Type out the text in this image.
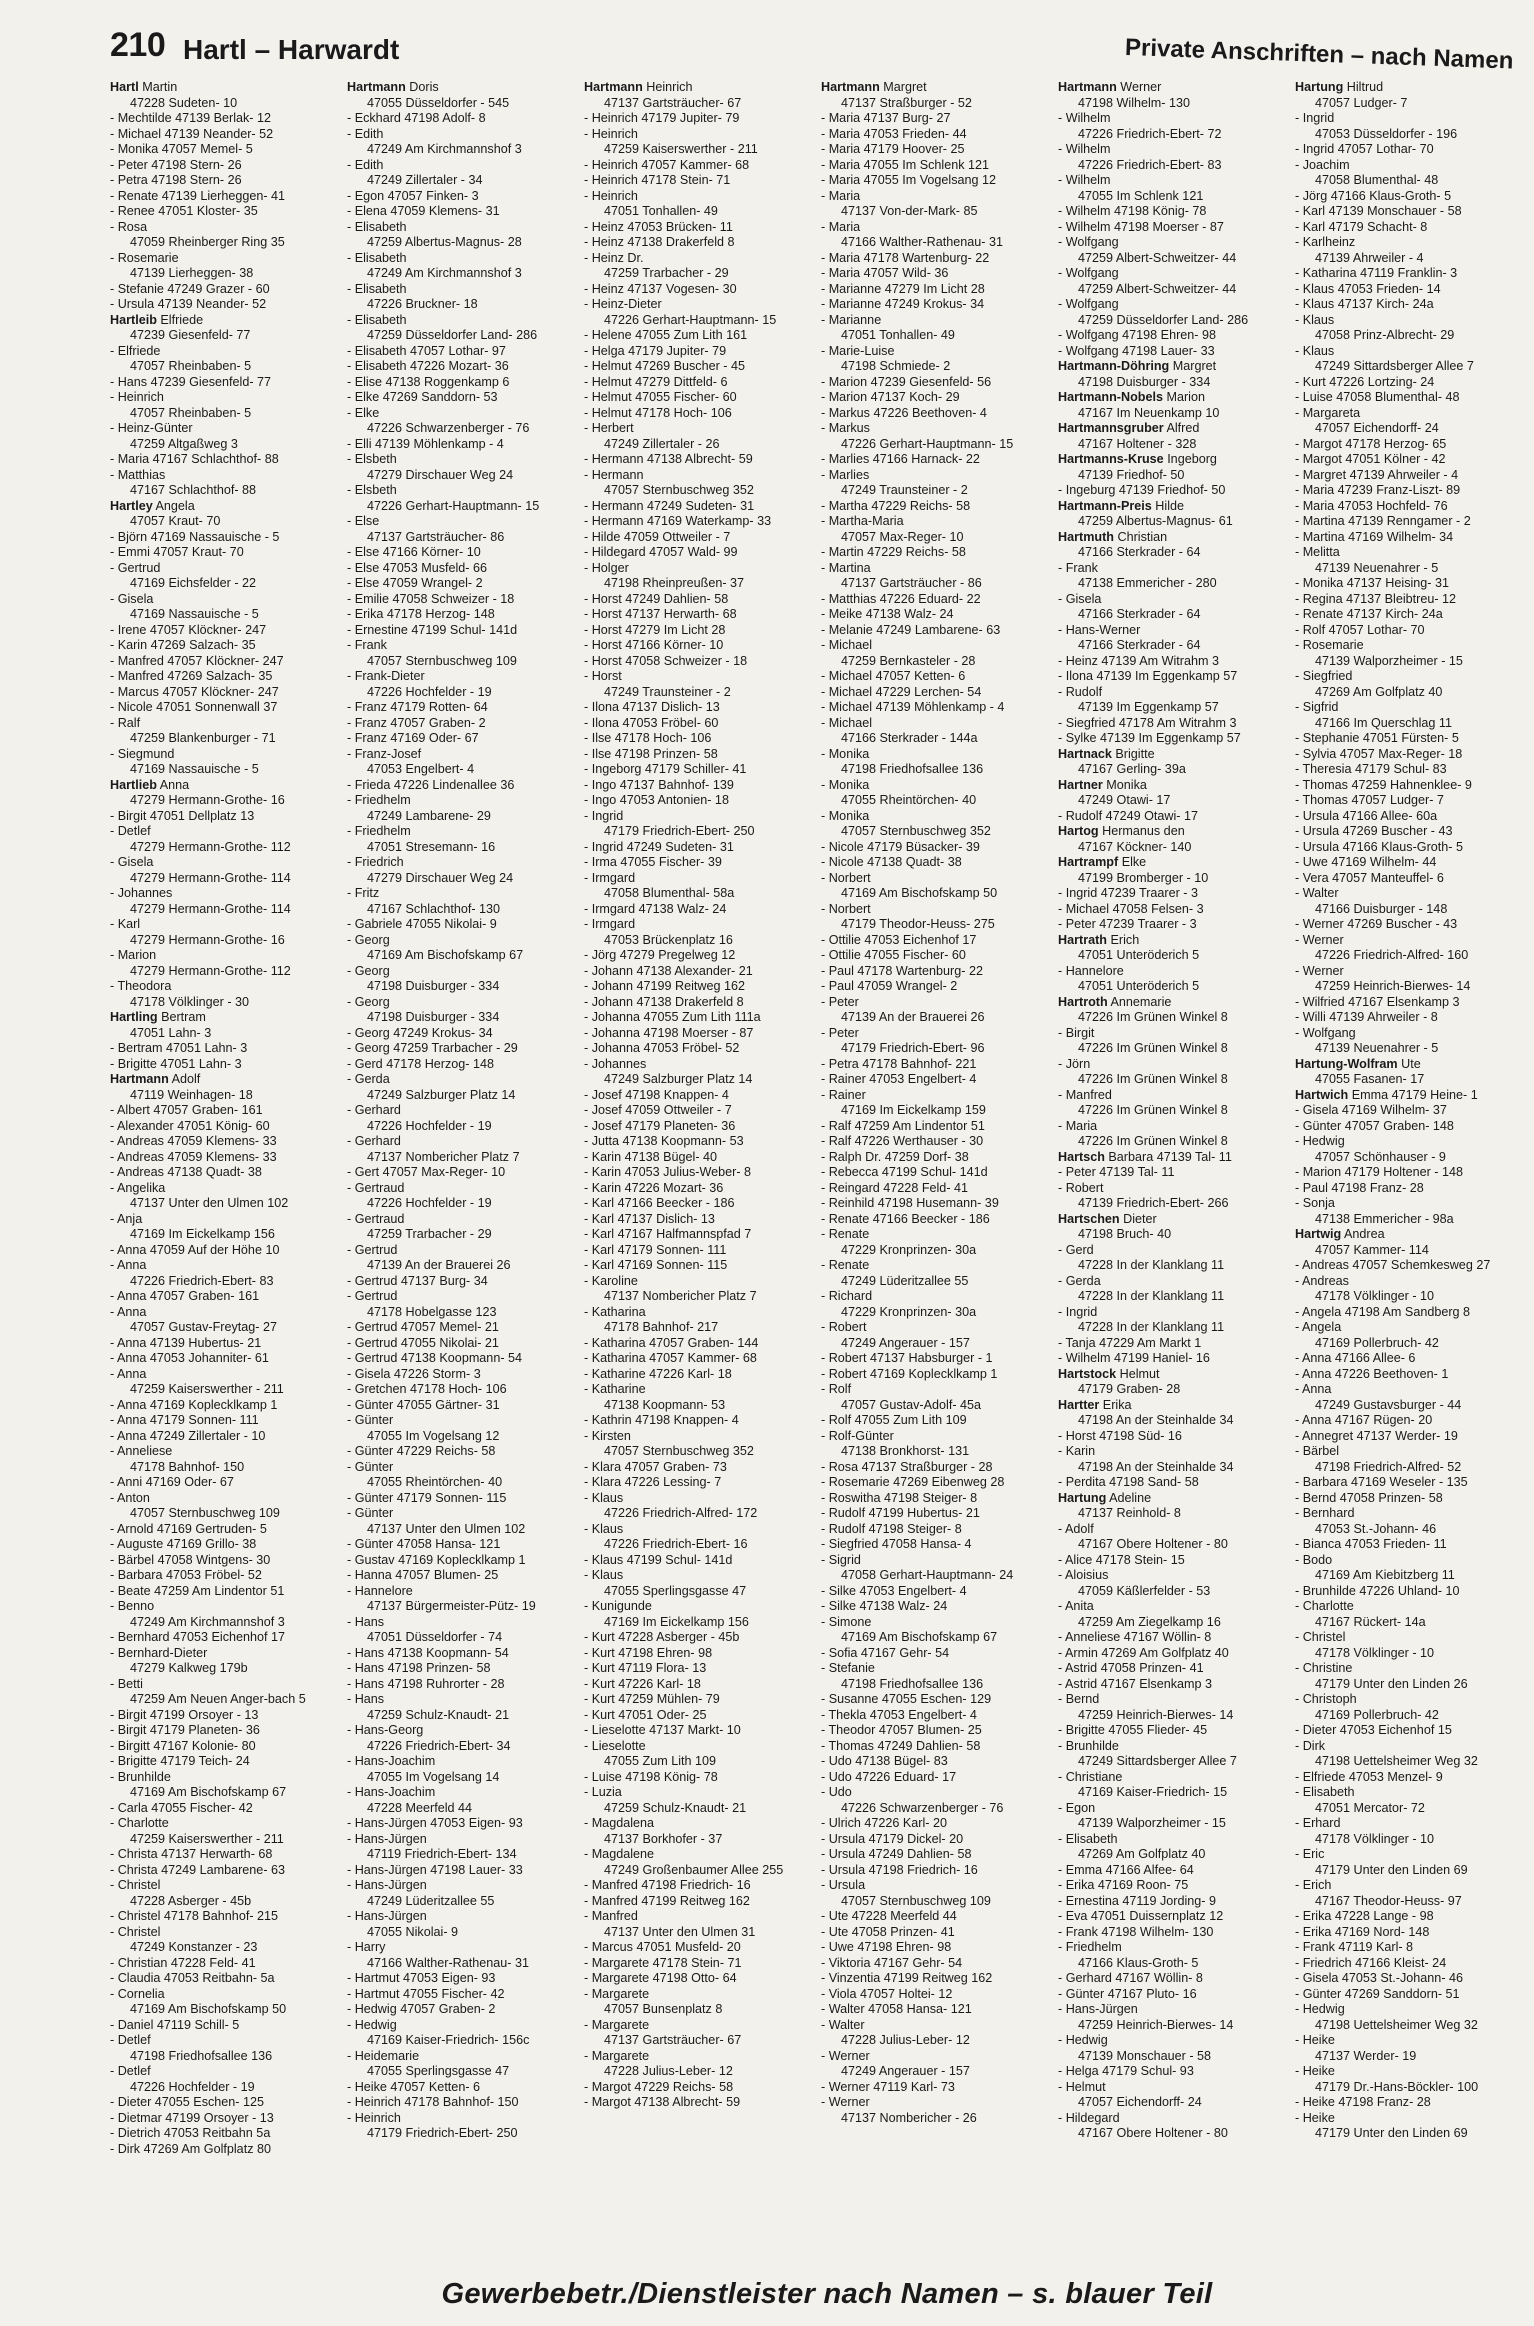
210 Hartl – Harwardt	Private Anschriften – nach Namen
Hartl Martin
47228 Sudeten- 10
- Mechtilde 47139 Berlak- 12
- Michael 47139 Neander- 52
- Monika 47057 Memel- 5
- Peter 47198 Stern- 26
- Petra 47198 Stern- 26
- Renate 47139 Lierheggen- 41
- Renee 47051 Kloster- 35
- Rosa
47059 Rheinberger Ring 35
- Rosemarie
47139 Lierheggen- 38
- Stefanie 47249 Grazer - 60
- Ursula 47139 Neander- 52
Hartleib Elfriede
47239 Giesenfeld- 77
- Elfriede
47057 Rheinbaben- 5
- Hans 47239 Giesenfeld- 77
- Heinrich
47057 Rheinbaben- 5
- Heinz-Günter
47259 Altgaßweg 3
- Maria 47167 Schlachthof- 88
- Matthias
47167 Schlachthof- 88
Hartley Angela
47057 Kraut- 70
- Björn 47169 Nassauische - 5
- Emmi 47057 Kraut- 70
- Gertrud
47169 Eichsfelder - 22
- Gisela
47169 Nassauische - 5
- Irene 47057 Klöckner- 247
- Karin 47269 Salzach- 35
- Manfred 47057 Klöckner- 247
- Manfred 47269 Salzach- 35
- Marcus 47057 Klöckner- 247
- Nicole 47051 Sonnenwall 37
- Ralf
47259 Blankenburger - 71
- Siegmund
47169 Nassauische - 5
Hartlieb Anna
47279 Hermann-Grothe- 16
- Birgit 47051 Dellplatz 13
- Detlef
47279 Hermann-Grothe- 112
- Gisela
47279 Hermann-Grothe- 114
- Johannes
47279 Hermann-Grothe- 114
- Karl
47279 Hermann-Grothe- 16
- Marion
47279 Hermann-Grothe- 112
- Theodora
47178 Völklinger - 30
Hartling Bertram
47051 Lahn- 3
- Bertram 47051 Lahn- 3
- Brigitte 47051 Lahn- 3
Hartmann Adolf
47119 Weinhagen- 18
- Albert 47057 Graben- 161
- Alexander 47051 König- 60
- Andreas 47059 Klemens- 33
- Andreas 47059 Klemens- 33
- Andreas 47138 Quadt- 38
- Angelika
47137 Unter den Ulmen 102
- Anja
47169 Im Eickelkamp 156
- Anna 47059 Auf der Höhe 10
- Anna
47226 Friedrich-Ebert- 83
- Anna 47057 Graben- 161
- Anna
47057 Gustav-Freytag- 27
- Anna 47139 Hubertus- 21
- Anna 47053 Johanniter- 61
- Anna
47259 Kaiserswerther - 211
- Anna 47169 Koplecklkamp 1
- Anna 47179 Sonnen- 111
- Anna 47249 Zillertaler - 10
- Anneliese
47178 Bahnhof- 150
- Anni 47169 Oder- 67
- Anton
47057 Sternbuschweg 109
- Arnold 47169 Gertruden- 5
- Auguste 47169 Grillo- 38
- Bärbel 47058 Wintgens- 30
- Barbara 47053 Fröbel- 52
- Beate 47259 Am Lindentor 51
- Benno
47249 Am Kirchmannshof 3
- Bernhard 47053 Eichenhof 17
- Bernhard-Dieter
47279 Kalkweg 179b
- Betti
47259 Am Neuen Anger-bach 5
- Birgit 47199 Orsoyer - 13
- Birgit 47179 Planeten- 36
- Birgitt 47167 Kolonie- 80
- Brigitte 47179 Teich- 24
- Brunhilde
47169 Am Bischofskamp 67
- Carla 47055 Fischer- 42
- Charlotte
47259 Kaiserswerther - 211
- Christa 47137 Herwarth- 68
- Christa 47249 Lambarene- 63
- Christel
47228 Asberger - 45b
- Christel 47178 Bahnhof- 215
- Christel
47249 Konstanzer - 23
- Christian 47228 Feld- 41
- Claudia 47053 Reitbahn- 5a
- Cornelia
47169 Am Bischofskamp 50
- Daniel 47119 Schill- 5
- Detlef
47198 Friedhofsallee 136
- Detlef
47226 Hochfelder - 19
- Dieter 47055 Eschen- 125
- Dietmar 47199 Orsoyer - 13
- Dietrich 47053 Reitbahn 5a
- Dirk 47269 Am Golfplatz 80
Hartmann Doris
47055 Düsseldorfer - 545
- Eckhard 47198 Adolf- 8
- Edith
47249 Am Kirchmannshof 3
- Edith
47249 Zillertaler - 34
- Egon 47057 Finken- 3
- Elena 47059 Klemens- 31
- Elisabeth
47259 Albertus-Magnus- 28
- Elisabeth
47249 Am Kirchmannshof 3
- Elisabeth
47226 Bruckner- 18
- Elisabeth
47259 Düsseldorfer Land- 286
- Elisabeth 47057 Lothar- 97
- Elisabeth 47226 Mozart- 36
- Elise 47138 Roggenkamp 6
- Elke 47269 Sanddorn- 53
- Elke
47226 Schwarzenberger - 76
- Elli 47139 Möhlenkamp - 4
- Elsbeth
47279 Dirschauer Weg 24
- Elsbeth
47226 Gerhart-Hauptmann- 15
- Else
47137 Gartsträucher- 86
- Else 47166 Körner- 10
- Else 47053 Musfeld- 66
- Else 47059 Wrangel- 2
- Emilie 47058 Schweizer - 18
- Erika 47178 Herzog- 148
- Ernestine 47199 Schul- 141d
- Frank
47057 Sternbuschweg 109
- Frank-Dieter
47226 Hochfelder - 19
- Franz 47179 Rotten- 64
- Franz 47057 Graben- 2
- Franz 47169 Oder- 67
- Franz-Josef
47053 Engelbert- 4
- Frieda 47226 Lindenallee 36
- Friedhelm
47249 Lambarene- 29
- Friedhelm
47051 Stresemann- 16
- Friedrich
47279 Dirschauer Weg 24
- Fritz
47167 Schlachthof- 130
- Gabriele 47055 Nikolai- 9
- Georg
47169 Am Bischofskamp 67
- Georg
47198 Duisburger - 334
- Georg
47198 Duisburger - 334
- Georg 47249 Krokus- 34
- Georg 47259 Trarbacher - 29
- Gerd 47178 Herzog- 148
- Gerda
47249 Salzburger Platz 14
- Gerhard
47226 Hochfelder - 19
- Gerhard
47137 Nombericher Platz 7
- Gert 47057 Max-Reger- 10
- Gertraud
47226 Hochfelder - 19
- Gertraud
47259 Trarbacher - 29
- Gertrud
47139 An der Brauerei 26
- Gertrud 47137 Burg- 34
- Gertrud
47178 Hobelgasse 123
- Gertrud 47057 Memel- 21
- Gertrud 47055 Nikolai- 21
- Gertrud 47138 Koopmann- 54
- Gisela 47226 Storm- 3
- Gretchen 47178 Hoch- 106
- Günter 47055 Gärtner- 31
- Günter
47055 Im Vogelsang 12
- Günter 47229 Reichs- 58
- Günter
47055 Rheintörchen- 40
- Günter 47179 Sonnen- 115
- Günter
47137 Unter den Ulmen 102
- Günter 47058 Hansa- 121
- Gustav 47169 Koplecklkamp 1
- Hanna 47057 Blumen- 25
- Hannelore
47137 Bürgermeister-Pütz- 19
- Hans
47051 Düsseldorfer - 74
- Hans 47138 Koopmann- 54
- Hans 47198 Prinzen- 58
- Hans 47198 Ruhrorter - 28
- Hans
47259 Schulz-Knaudt- 21
- Hans-Georg
47226 Friedrich-Ebert- 34
- Hans-Joachim
47055 Im Vogelsang 14
- Hans-Joachim
47228 Meerfeld 44
- Hans-Jürgen 47053 Eigen- 93
- Hans-Jürgen
47119 Friedrich-Ebert- 134
- Hans-Jürgen 47198 Lauer- 33
- Hans-Jürgen
47249 Lüderitzallee 55
- Hans-Jürgen
47055 Nikolai- 9
- Harry
47166 Walther-Rathenau- 31
- Hartmut 47053 Eigen- 93
- Hartmut 47055 Fischer- 42
- Hedwig 47057 Graben- 2
- Hedwig
47169 Kaiser-Friedrich- 156c
- Heidemarie
47055 Sperlingsgasse 47
- Heike 47057 Ketten- 6
- Heinrich 47178 Bahnhof- 150
- Heinrich
47179 Friedrich-Ebert- 250
Hartmann Heinrich
47137 Gartsträucher- 67
- Heinrich 47179 Jupiter- 79
- Heinrich
47259 Kaiserswerther - 211
- Heinrich 47057 Kammer- 68
- Heinrich 47178 Stein- 71
- Heinrich
47051 Tonhallen- 49
- Heinz 47053 Brücken- 11
- Heinz 47138 Drakerfeld 8
- Heinz Dr.
47259 Trarbacher - 29
- Heinz 47137 Vogesen- 30
- Heinz-Dieter
47226 Gerhart-Hauptmann- 15
- Helene 47055 Zum Lith 161
- Helga 47179 Jupiter- 79
- Helmut 47269 Buscher - 45
- Helmut 47279 Dittfeld- 6
- Helmut 47055 Fischer- 60
- Helmut 47178 Hoch- 106
- Herbert
47249 Zillertaler - 26
- Hermann 47138 Albrecht- 59
- Hermann
47057 Sternbuschweg 352
- Hermann 47249 Sudeten- 31
- Hermann 47169 Waterkamp- 33
- Hilde 47059 Ottweiler - 7
- Hildegard 47057 Wald- 99
- Holger
47198 Rheinpreußen- 37
- Horst 47249 Dahlien- 58
- Horst 47137 Herwarth- 68
- Horst 47279 Im Licht 28
- Horst 47166 Körner- 10
- Horst 47058 Schweizer - 18
- Horst
47249 Traunsteiner - 2
- Ilona 47137 Dislich- 13
- Ilona 47053 Fröbel- 60
- Ilse 47178 Hoch- 106
- Ilse 47198 Prinzen- 58
- Ingeborg 47179 Schiller- 41
- Ingo 47137 Bahnhof- 139
- Ingo 47053 Antonien- 18
- Ingrid
47179 Friedrich-Ebert- 250
- Ingrid 47249 Sudeten- 31
- Irma 47055 Fischer- 39
- Irmgard
47058 Blumenthal- 58a
- Irmgard 47138 Walz- 24
- Irmgard
47053 Brückenplatz 16
- Jörg 47279 Pregelweg 12
- Johann 47138 Alexander- 21
- Johann 47199 Reitweg 162
- Johann 47138 Drakerfeld 8
- Johanna 47055 Zum Lith 111a
- Johanna 47198 Moerser - 87
- Johanna 47053 Fröbel- 52
- Johannes
47249 Salzburger Platz 14
- Josef 47198 Knappen- 4
- Josef 47059 Ottweiler - 7
- Josef 47179 Planeten- 36
- Jutta 47138 Koopmann- 53
- Karin 47138 Bügel- 40
- Karin 47053 Julius-Weber- 8
- Karin 47226 Mozart- 36
- Karl 47166 Beecker - 186
- Karl 47137 Dislich- 13
- Karl 47167 Halfmannspfad 7
- Karl 47179 Sonnen- 111
- Karl 47169 Sonnen- 115
- Karoline
47137 Nombericher Platz 7
- Katharina
47178 Bahnhof- 217
- Katharina 47057 Graben- 144
- Katharina 47057 Kammer- 68
- Katharine 47226 Karl- 18
- Katharine
47138 Koopmann- 53
- Kathrin 47198 Knappen- 4
- Kirsten
47057 Sternbuschweg 352
- Klara 47057 Graben- 73
- Klara 47226 Lessing- 7
- Klaus
47226 Friedrich-Alfred- 172
- Klaus
47226 Friedrich-Ebert- 16
- Klaus 47199 Schul- 141d
- Klaus
47055 Sperlingsgasse 47
- Kunigunde
47169 Im Eickelkamp 156
- Kurt 47228 Asberger - 45b
- Kurt 47198 Ehren- 98
- Kurt 47119 Flora- 13
- Kurt 47226 Karl- 18
- Kurt 47259 Mühlen- 79
- Kurt 47051 Oder- 25
- Lieselotte 47137 Markt- 10
- Lieselotte
47055 Zum Lith 109
- Luise 47198 König- 78
- Luzia
47259 Schulz-Knaudt- 21
- Magdalena
47137 Borkhofer - 37
- Magdalene
47249 Großenbaumer Allee 255
- Manfred 47198 Friedrich- 16
- Manfred 47199 Reitweg 162
- Manfred
47137 Unter den Ulmen 31
- Marcus 47051 Musfeld- 20
- Margarete 47178 Stein- 71
- Margarete 47198 Otto- 64
- Margarete
47057 Bunsenplatz 8
- Margarete
47137 Gartsträucher- 67
- Margarete
47228 Julius-Leber- 12
- Margot 47229 Reichs- 58
- Margot 47138 Albrecht- 59
Hartmann Margret
47137 Straßburger - 52
- Maria 47137 Burg- 27
- Maria 47053 Frieden- 44
- Maria 47179 Hoover- 25
- Maria 47055 Im Schlenk 121
- Maria 47055 Im Vogelsang 12
- Maria
47137 Von-der-Mark- 85
- Maria
47166 Walther-Rathenau- 31
- Maria 47178 Wartenburg- 22
- Maria 47057 Wild- 36
- Marianne 47279 Im Licht 28
- Marianne 47249 Krokus- 34
- Marianne
47051 Tonhallen- 49
- Marie-Luise
47198 Schmiede- 2
- Marion 47239 Giesenfeld- 56
- Marion 47137 Koch- 29
- Markus 47226 Beethoven- 4
- Markus
47226 Gerhart-Hauptmann- 15
- Marlies 47166 Harnack- 22
- Marlies
47249 Traunsteiner - 2
- Martha 47229 Reichs- 58
- Martha-Maria
47057 Max-Reger- 10
- Martin 47229 Reichs- 58
- Martina
47137 Gartsträucher - 86
- Matthias 47226 Eduard- 22
- Meike 47138 Walz- 24
- Melanie 47249 Lambarene- 63
- Michael
47259 Bernkasteler - 28
- Michael 47057 Ketten- 6
- Michael 47229 Lerchen- 54
- Michael 47139 Möhlenkamp - 4
- Michael
47166 Sterkrader - 144a
- Monika
47198 Friedhofsallee 136
- Monika
47055 Rheintörchen- 40
- Monika
47057 Sternbuschweg 352
- Nicole 47179 Büsacker- 39
- Nicole 47138 Quadt- 38
- Norbert
47169 Am Bischofskamp 50
- Norbert
47179 Theodor-Heuss- 275
- Ottilie 47053 Eichenhof 17
- Ottilie 47055 Fischer- 60
- Paul 47178 Wartenburg- 22
- Paul 47059 Wrangel- 2
- Peter
47139 An der Brauerei 26
- Peter
47179 Friedrich-Ebert- 96
- Petra 47178 Bahnhof- 221
- Rainer 47053 Engelbert- 4
- Rainer
47169 Im Eickelkamp 159
- Ralf 47259 Am Lindentor 51
- Ralf 47226 Werthauser - 30
- Ralph Dr. 47259 Dorf- 38
- Rebecca 47199 Schul- 141d
- Reingard 47228 Feld- 41
- Reinhild 47198 Husemann- 39
- Renate 47166 Beecker - 186
- Renate
47229 Kronprinzen- 30a
- Renate
47249 Lüderitzallee 55
- Richard
47229 Kronprinzen- 30a
- Robert
47249 Angerauer - 157
- Robert 47137 Habsburger - 1
- Robert 47169 Koplecklkamp 1
- Rolf
47057 Gustav-Adolf- 45a
- Rolf 47055 Zum Lith 109
- Rolf-Günter
47138 Bronkhorst- 131
- Rosa 47137 Straßburger - 28
- Rosemarie 47269 Eibenweg 28
- Roswitha 47198 Steiger- 8
- Rudolf 47199 Hubertus- 21
- Rudolf 47198 Steiger- 8
- Siegfried 47058 Hansa- 4
- Sigrid
47058 Gerhart-Hauptmann- 24
- Silke 47053 Engelbert- 4
- Silke 47138 Walz- 24
- Simone
47169 Am Bischofskamp 67
- Sofia 47167 Gehr- 54
- Stefanie
47198 Friedhofsallee 136
- Susanne 47055 Eschen- 129
- Thekla 47053 Engelbert- 4
- Theodor 47057 Blumen- 25
- Thomas 47249 Dahlien- 58
- Udo 47138 Bügel- 83
- Udo 47226 Eduard- 17
- Udo
47226 Schwarzenberger - 76
- Ulrich 47226 Karl- 20
- Ursula 47179 Dickel- 20
- Ursula 47249 Dahlien- 58
- Ursula 47198 Friedrich- 16
- Ursula
47057 Sternbuschweg 109
- Ute 47228 Meerfeld 44
- Ute 47058 Prinzen- 41
- Uwe 47198 Ehren- 98
- Viktoria 47167 Gehr- 54
- Vinzentia 47199 Reitweg 162
- Viola 47057 Holtei- 12
- Walter 47058 Hansa- 121
- Walter
47228 Julius-Leber- 12
- Werner
47249 Angerauer - 157
- Werner 47119 Karl- 73
- Werner
47137 Nombericher - 26
Hartmann Werner
47198 Wilhelm- 130
- Wilhelm
47226 Friedrich-Ebert- 72
- Wilhelm
47226 Friedrich-Ebert- 83
- Wilhelm
47055 Im Schlenk 121
- Wilhelm 47198 König- 78
- Wilhelm 47198 Moerser - 87
- Wolfgang
47259 Albert-Schweitzer- 44
- Wolfgang
47259 Albert-Schweitzer- 44
- Wolfgang
47259 Düsseldorfer Land- 286
- Wolfgang 47198 Ehren- 98
- Wolfgang 47198 Lauer- 33
Hartmann-Döhring Margret
47198 Duisburger - 334
Hartmann-Nobels Marion
47167 Im Neuenkamp 10
Hartmannsgruber Alfred
47167 Holtener - 328
Hartmanns-Kruse Ingeborg
47139 Friedhof- 50
- Ingeburg 47139 Friedhof- 50
Hartmann-Preis Hilde
47259 Albertus-Magnus- 61
Hartmuth Christian
47166 Sterkrader - 64
- Frank
47138 Emmericher - 280
- Gisela
47166 Sterkrader - 64
- Hans-Werner
47166 Sterkrader - 64
- Heinz 47139 Am Witrahm 3
- Ilona 47139 Im Eggenkamp 57
- Rudolf
47139 Im Eggenkamp 57
- Siegfried 47178 Am Witrahm 3
- Sylke 47139 Im Eggenkamp 57
Hartnack Brigitte
47167 Gerling- 39a
Hartner Monika
47249 Otawi- 17
- Rudolf 47249 Otawi- 17
Hartog Hermanus den
47167 Köckner- 140
Hartrampf Elke
47199 Bromberger - 10
- Ingrid 47239 Traarer - 3
- Michael 47058 Felsen- 3
- Peter 47239 Traarer - 3
Hartrath Erich
47051 Unteröderich 5
- Hannelore
47051 Unteröderich 5
Hartroth Annemarie
47226 Im Grünen Winkel 8
- Birgit
47226 Im Grünen Winkel 8
- Jörn
47226 Im Grünen Winkel 8
- Manfred
47226 Im Grünen Winkel 8
- Maria
47226 Im Grünen Winkel 8
Hartsch Barbara 47139 Tal- 11
- Peter 47139 Tal- 11
- Robert
47139 Friedrich-Ebert- 266
Hartschen Dieter
47198 Bruch- 40
- Gerd
47228 In der Klanklang 11
- Gerda
47228 In der Klanklang 11
- Ingrid
47228 In der Klanklang 11
- Tanja 47229 Am Markt 1
- Wilhelm 47199 Haniel- 16
Hartstock Helmut
47179 Graben- 28
Hartter Erika
47198 An der Steinhalde 34
- Horst 47198 Süd- 16
- Karin
47198 An der Steinhalde 34
- Perdita 47198 Sand- 58
Hartung Adeline
47137 Reinhold- 8
- Adolf
47167 Obere Holtener - 80
- Alice 47178 Stein- 15
- Aloisius
47059 Käßlerfelder - 53
- Anita
47259 Am Ziegelkamp 16
- Anneliese 47167 Wöllin- 8
- Armin 47269 Am Golfplatz 40
- Astrid 47058 Prinzen- 41
- Astrid 47167 Elsenkamp 3
- Bernd
47259 Heinrich-Bierwes- 14
- Brigitte 47055 Flieder- 45
- Brunhilde
47249 Sittardsberger Allee 7
- Christiane
47169 Kaiser-Friedrich- 15
- Egon
47139 Walporzheimer - 15
- Elisabeth
47269 Am Golfplatz 40
- Emma 47166 Alfee- 64
- Erika 47169 Roon- 75
- Ernestina 47119 Jording- 9
- Eva 47051 Duissernplatz 12
- Frank 47198 Wilhelm- 130
- Friedhelm
47166 Klaus-Groth- 5
- Gerhard 47167 Wöllin- 8
- Günter 47167 Pluto- 16
- Hans-Jürgen
47259 Heinrich-Bierwes- 14
- Hedwig
47139 Monschauer - 58
- Helga 47179 Schul- 93
- Helmut
47057 Eichendorff- 24
- Hildegard
47167 Obere Holtener - 80
Hartung Hiltrud
47057 Ludger- 7
- Ingrid
47053 Düsseldorfer - 196
- Ingrid 47057 Lothar- 70
- Joachim
47058 Blumenthal- 48
- Jörg 47166 Klaus-Groth- 5
- Karl 47139 Monschauer - 58
- Karl 47179 Schacht- 8
- Karlheinz
47139 Ahrweiler - 4
- Katharina 47119 Franklin- 3
- Klaus 47053 Frieden- 14
- Klaus 47137 Kirch- 24a
- Klaus
47058 Prinz-Albrecht- 29
- Klaus
47249 Sittardsberger Allee 7
- Kurt 47226 Lortzing- 24
- Luise 47058 Blumenthal- 48
- Margareta
47057 Eichendorff- 24
- Margot 47178 Herzog- 65
- Margot 47051 Kölner - 42
- Margret 47139 Ahrweiler - 4
- Maria 47239 Franz-Liszt- 89
- Maria 47053 Hochfeld- 76
- Martina 47139 Renngamer - 2
- Martina 47169 Wilhelm- 34
- Melitta
47139 Neuenahrer - 5
- Monika 47137 Heising- 31
- Regina 47137 Bleibtreu- 12
- Renate 47137 Kirch- 24a
- Rolf 47057 Lothar- 70
- Rosemarie
47139 Walporzheimer - 15
- Siegfried
47269 Am Golfplatz 40
- Sigfrid
47166 Im Querschlag 11
- Stephanie 47051 Fürsten- 5
- Sylvia 47057 Max-Reger- 18
- Theresia 47179 Schul- 83
- Thomas 47259 Hahnenklee- 9
- Thomas 47057 Ludger- 7
- Ursula 47166 Allee- 60a
- Ursula 47269 Buscher - 43
- Ursula 47166 Klaus-Groth- 5
- Uwe 47169 Wilhelm- 44
- Vera 47057 Manteuffel- 6
- Walter
47166 Duisburger - 148
- Werner 47269 Buscher - 43
- Werner
47226 Friedrich-Alfred- 160
- Werner
47259 Heinrich-Bierwes- 14
- Wilfried 47167 Elsenkamp 3
- Willi 47139 Ahrweiler - 8
- Wolfgang
47139 Neuenahrer - 5
Hartung-Wolfram Ute
47055 Fasanen- 17
Hartwich Emma 47179 Heine- 1
- Gisela 47169 Wilhelm- 37
- Günter 47057 Graben- 148
- Hedwig
47057 Schönhauser - 9
- Marion 47179 Holtener - 148
- Paul 47198 Franz- 28
- Sonja
47138 Emmericher - 98a
Hartwig Andrea
47057 Kammer- 114
- Andreas 47057 Schemkesweg 27
- Andreas
47178 Völklinger - 10
- Angela 47198 Am Sandberg 8
- Angela
47169 Pollerbruch- 42
- Anna 47166 Allee- 6
- Anna 47226 Beethoven- 1
- Anna
47249 Gustavsburger - 44
- Anna 47167 Rügen- 20
- Annegret 47137 Werder- 19
- Bärbel
47198 Friedrich-Alfred- 52
- Barbara 47169 Weseler - 135
- Bernd 47058 Prinzen- 58
- Bernhard
47053 St.-Johann- 46
- Bianca 47053 Frieden- 11
- Bodo
47169 Am Kiebitzberg 11
- Brunhilde 47226 Uhland- 10
- Charlotte
47167 Rückert- 14a
- Christel
47178 Völklinger - 10
- Christine
47179 Unter den Linden 26
- Christoph
47169 Pollerbruch- 42
- Dieter 47053 Eichenhof 15
- Dirk
47198 Uettelsheimer Weg 32
- Elfriede 47053 Menzel- 9
- Elisabeth
47051 Mercator- 72
- Erhard
47178 Völklinger - 10
- Eric
47179 Unter den Linden 69
- Erich
47167 Theodor-Heuss- 97
- Erika 47228 Lange - 98
- Erika 47169 Nord- 148
- Frank 47119 Karl- 8
- Friedrich 47166 Kleist- 24
- Gisela 47053 St.-Johann- 46
- Günter 47269 Sanddorn- 51
- Hedwig
47198 Uettelsheimer Weg 32
- Heike
47137 Werder- 19
- Heike
47179 Dr.-Hans-Böckler- 100
- Heike 47198 Franz- 28
- Heike
47179 Unter den Linden 69
Gewerbebetr./Dienstleister nach Namen – s. blauer Teil
